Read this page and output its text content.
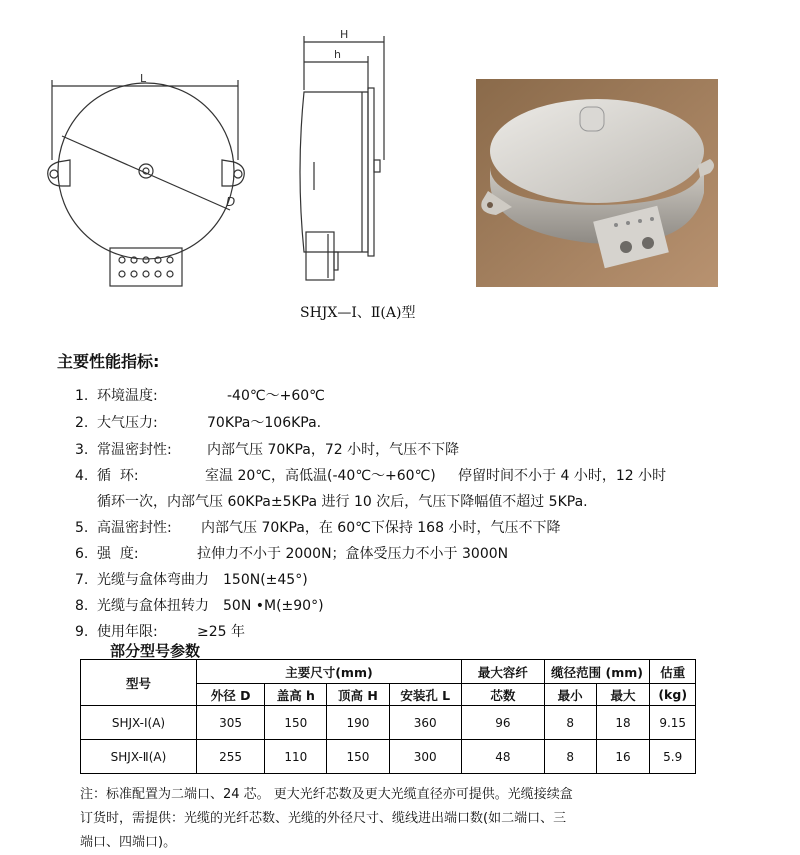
L
D
H
h
SHJX—Ⅰ、Ⅱ(A)型
主要性能指标:
1. 环境温度:	-40℃～+60℃
2. 大气压力:	70KPa～106KPa.
3. 常温密封性:	内部气压 70KPa，72 小时，气压不下降
4. 循  环:	室温 20℃，高低温(-40℃～+60℃)     停留时间不小于 4 小时，12 小时
循环一次，内部气压 60KPa±5KPa 进行 10 次后，气压下降幅值不超过 5KPa.
5. 高温密封性: 内部气压 70KPa，在 60℃下保持 168 小时，气压不下降
6. 强  度:	拉伸力不小于 2000N；盒体受压力不小于 3000N
7. 光缆与盒体弯曲力 150N(±45°)
8. 光缆与盒体扭转力 50N •M(±90°)
9. 使用年限:	≥25 年
部分型号参数
型号	主要尺寸(mm)				最大容纤	缆径范围 (mm)		估重
	外径 D	盖高 h	顶高 H	安装孔 L	芯数	最小	最大	(kg)
SHJX-Ⅰ(A)	305	150	190	360	96	8	18	9.15
SHJX-Ⅱ(A)	255	110	150	300	48	8	16	5.9
注：标准配置为二端口、24 芯。 更大光纤芯数及更大光缆直径亦可提供。光缆接续盒
订货时，需提供：光缆的光纤芯数、光缆的外径尺寸、缆线进出端口数(如二端口、三
端口、四端口)。
